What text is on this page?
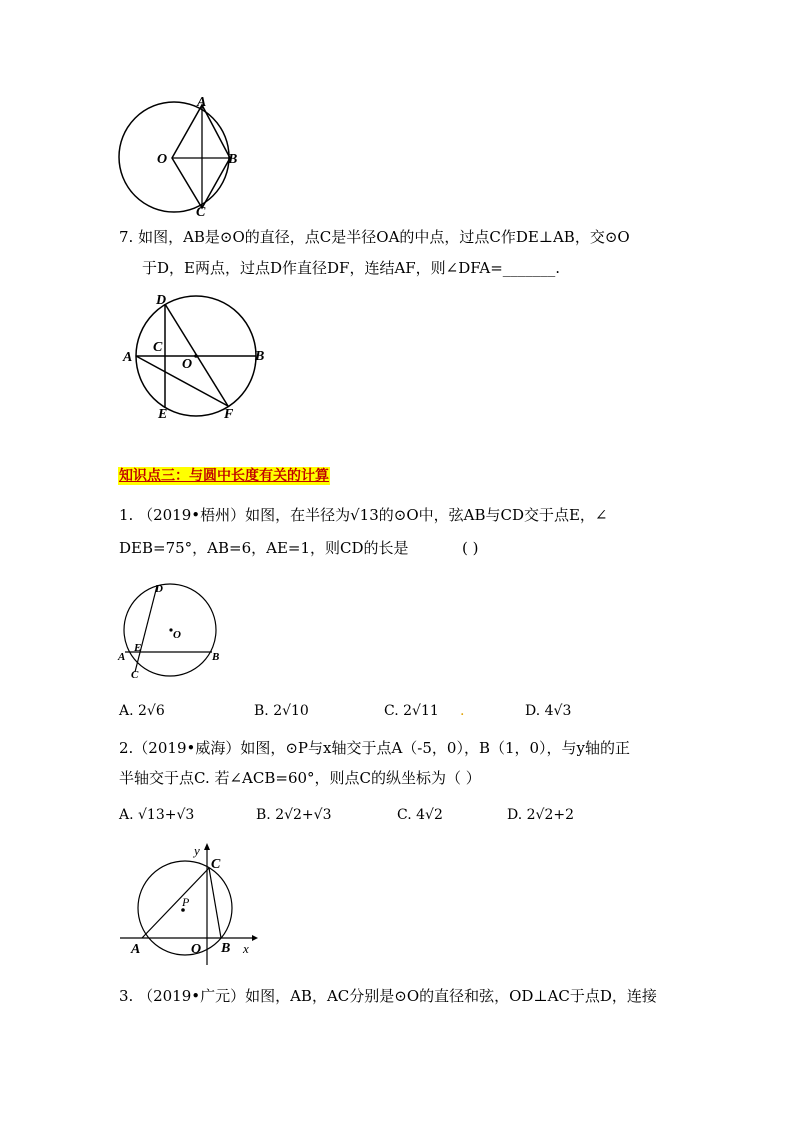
A
O	B
C
7. 如图，AB是⊙O的直径，点C是半径OA的中点，过点C作DE⊥AB，交⊙O
于D，E两点，过点D作直径DF，连结AF，则∠DFA=_______.
D
C
O
A	B
E	F
知识点三：与圆中长度有关的计算
1. （2019•梧州）如图，在半径为√13的⊙O中，弦AB与CD交于点E，∠
DEB=75°，AB=6，AE=1，则CD的长是	( )
D
O
E
A	B
C
A. 2√6	B. 2√10	C. 2√11 .	D. 4√3
2.（2019•威海）如图，⊙P与x轴交于点A（-5，0），B（1，0），与y轴的正
半轴交于点C. 若∠ACB=60°，则点C的纵坐标为（ ）
A. √13+√3	B. 2√2+√3	C. 4√2	D. 2√2+2
y
C
P
A	O B x
3. （2019•广元）如图，AB，AC分别是⊙O的直径和弦，OD⊥AC于点D，连接
